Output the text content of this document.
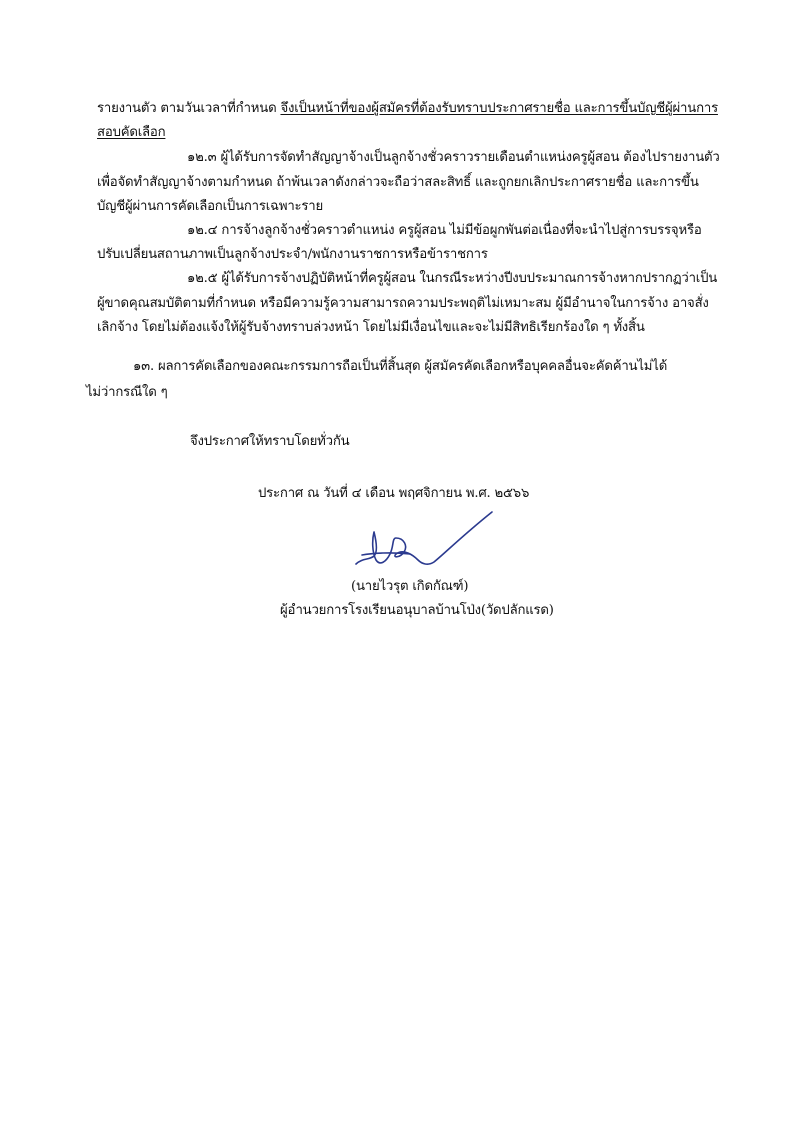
รายงานตัว ตามวันเวลาที่กำหนด จึงเป็นหน้าที่ของผู้สมัครที่ต้องรับทราบประกาศรายชื่อ และการขึ้นบัญชีผู้ผ่านการ
สอบคัดเลือก
๑๒.๓ ผู้ได้รับการจัดทำสัญญาจ้างเป็นลูกจ้างชั่วคราวรายเดือนตำแหน่งครูผู้สอน ต้องไปรายงานตัว
เพื่อจัดทำสัญญาจ้างตามกำหนด ถ้าพ้นเวลาดังกล่าวจะถือว่าสละสิทธิ์ และถูกยกเลิกประกาศรายชื่อ และการขึ้น
บัญชีผู้ผ่านการคัดเลือกเป็นการเฉพาะราย
๑๒.๔ การจ้างลูกจ้างชั่วคราวตำแหน่ง ครูผู้สอน ไม่มีข้อผูกพันต่อเนื่องที่จะนำไปสู่การบรรจุหรือ
ปรับเปลี่ยนสถานภาพเป็นลูกจ้างประจำ/พนักงานราชการหรือข้าราชการ
๑๒.๕ ผู้ได้รับการจ้างปฏิบัติหน้าที่ครูผู้สอน ในกรณีระหว่างปีงบประมาณการจ้างหากปรากฏว่าเป็น
ผู้ขาดคุณสมบัติตามที่กำหนด หรือมีความรู้ความสามารถความประพฤติไม่เหมาะสม ผู้มีอำนาจในการจ้าง อาจสั่ง
เลิกจ้าง โดยไม่ต้องแจ้งให้ผู้รับจ้างทราบล่วงหน้า โดยไม่มีเงื่อนไขและจะไม่มีสิทธิเรียกร้องใด ๆ ทั้งสิ้น
๑๓. ผลการคัดเลือกของคณะกรรมการถือเป็นที่สิ้นสุด ผู้สมัครคัดเลือกหรือบุคคลอื่นจะคัดค้านไม่ได้
ไม่ว่ากรณีใด ๆ
จึงประกาศให้ทราบโดยทั่วกัน
ประกาศ ณ วันที่ ๔ เดือน พฤศจิกายน พ.ศ. ๒๕๖๖
(นายไวรุต เกิดกัณฑ์)
ผู้อำนวยการโรงเรียนอนุบาลบ้านโป่ง(วัดปลักแรด)
